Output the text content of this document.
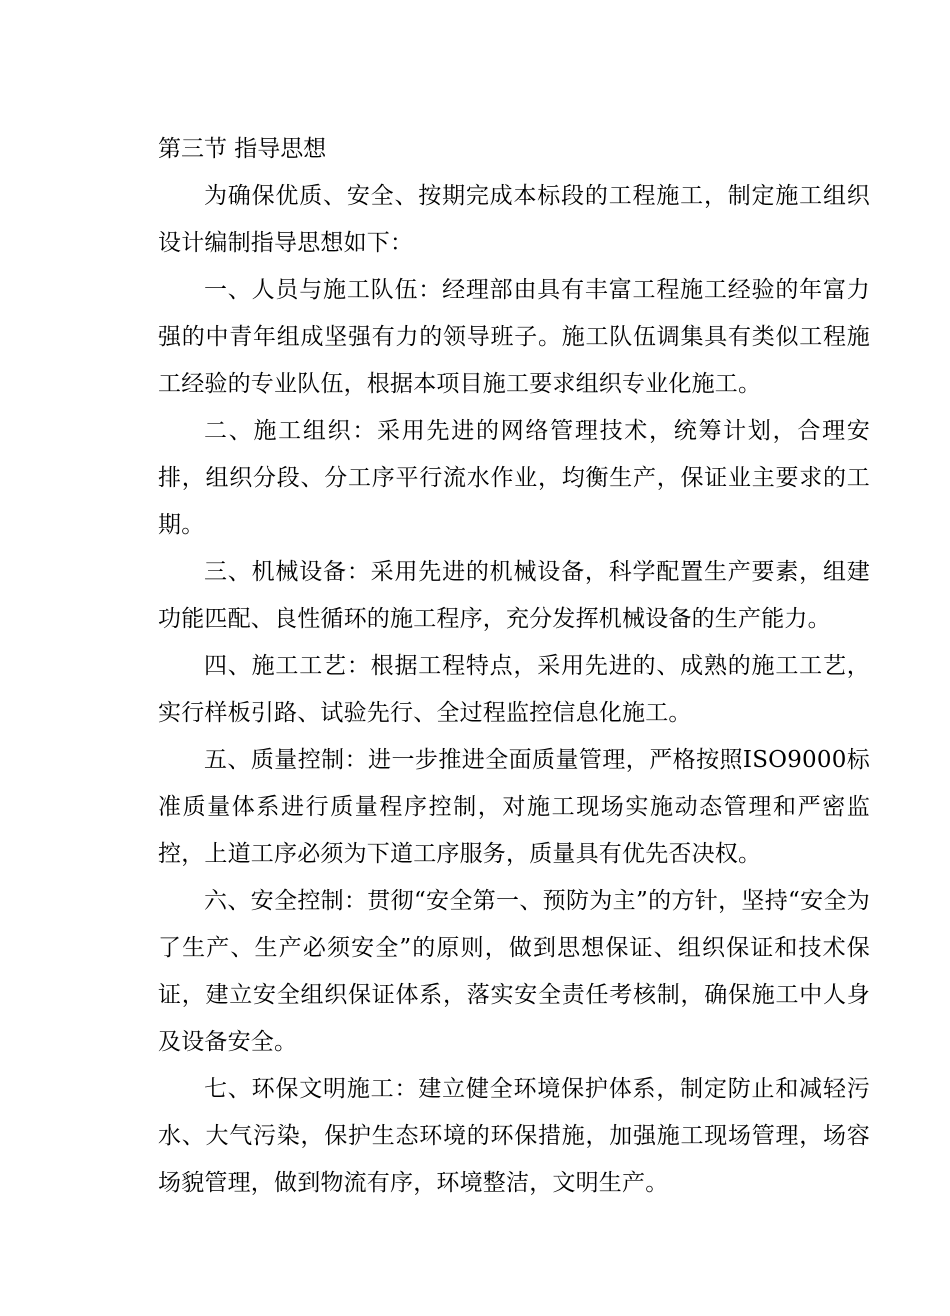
第三节 指导思想

为确保优质、安全、按期完成本标段的工程施工，制定施工组织设计编制指导思想如下：

一、人员与施工队伍：经理部由具有丰富工程施工经验的年富力强的中青年组成坚强有力的领导班子。施工队伍调集具有类似工程施工经验的专业队伍，根据本项目施工要求组织专业化施工。

二、施工组织：采用先进的网络管理技术，统筹计划，合理安排，组织分段、分工序平行流水作业，均衡生产，保证业主要求的工期。

三、机械设备：采用先进的机械设备，科学配置生产要素，组建功能匹配、良性循环的施工程序，充分发挥机械设备的生产能力。

四、施工工艺：根据工程特点，采用先进的、成熟的施工工艺，实行样板引路、试验先行、全过程监控信息化施工。

五、质量控制：进一步推进全面质量管理，严格按照ISO9000标准质量体系进行质量程序控制，对施工现场实施动态管理和严密监控，上道工序必须为下道工序服务，质量具有优先否决权。

六、安全控制：贯彻“安全第一、预防为主”的方针，坚持“安全为了生产、生产必须安全”的原则，做到思想保证、组织保证和技术保证，建立安全组织保证体系，落实安全责任考核制，确保施工中人身及设备安全。

七、环保文明施工：建立健全环境保护体系，制定防止和减轻污水、大气污染，保护生态环境的环保措施，加强施工现场管理，场容场貌管理，做到物流有序，环境整洁，文明生产。
